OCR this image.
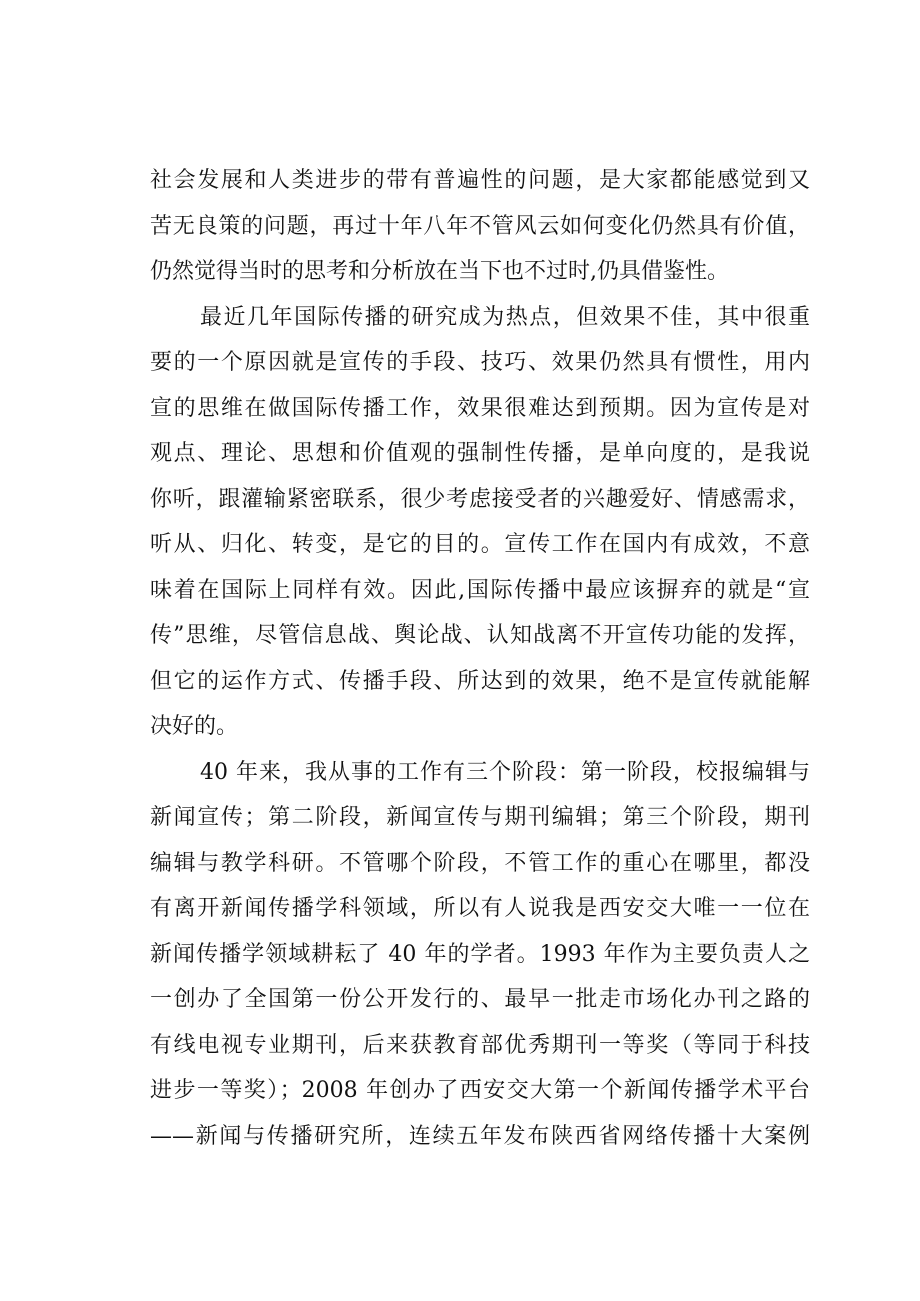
社会发展和人类进步的带有普遍性的问题，是大家都能感觉到又
苦无良策的问题，再过十年八年不管风云如何变化仍然具有价值，
仍然觉得当时的思考和分析放在当下也不过时,仍具借鉴性。
最近几年国际传播的研究成为热点，但效果不佳，其中很重
要的一个原因就是宣传的手段、技巧、效果仍然具有惯性，用内
宣的思维在做国际传播工作，效果很难达到预期。因为宣传是对
观点、理论、思想和价值观的强制性传播，是单向度的，是我说
你听，跟灌输紧密联系，很少考虑接受者的兴趣爱好、情感需求，
听从、归化、转变，是它的目的。宣传工作在国内有成效，不意
味着在国际上同样有效。因此,国际传播中最应该摒弃的就是“宣
传”思维，尽管信息战、舆论战、认知战离不开宣传功能的发挥，
但它的运作方式、传播手段、所达到的效果，绝不是宣传就能解
决好的。
40 年来，我从事的工作有三个阶段：第一阶段，校报编辑与
新闻宣传；第二阶段，新闻宣传与期刊编辑；第三个阶段，期刊
编辑与教学科研。不管哪个阶段，不管工作的重心在哪里，都没
有离开新闻传播学科领域，所以有人说我是西安交大唯一一位在
新闻传播学领域耕耘了 40 年的学者。1993 年作为主要负责人之
一创办了全国第一份公开发行的、最早一批走市场化办刊之路的
有线电视专业期刊，后来获教育部优秀期刊一等奖（等同于科技
进步一等奖）；2008 年创办了西安交大第一个新闻传播学术平台
——新闻与传播研究所，连续五年发布陕西省网络传播十大案例
